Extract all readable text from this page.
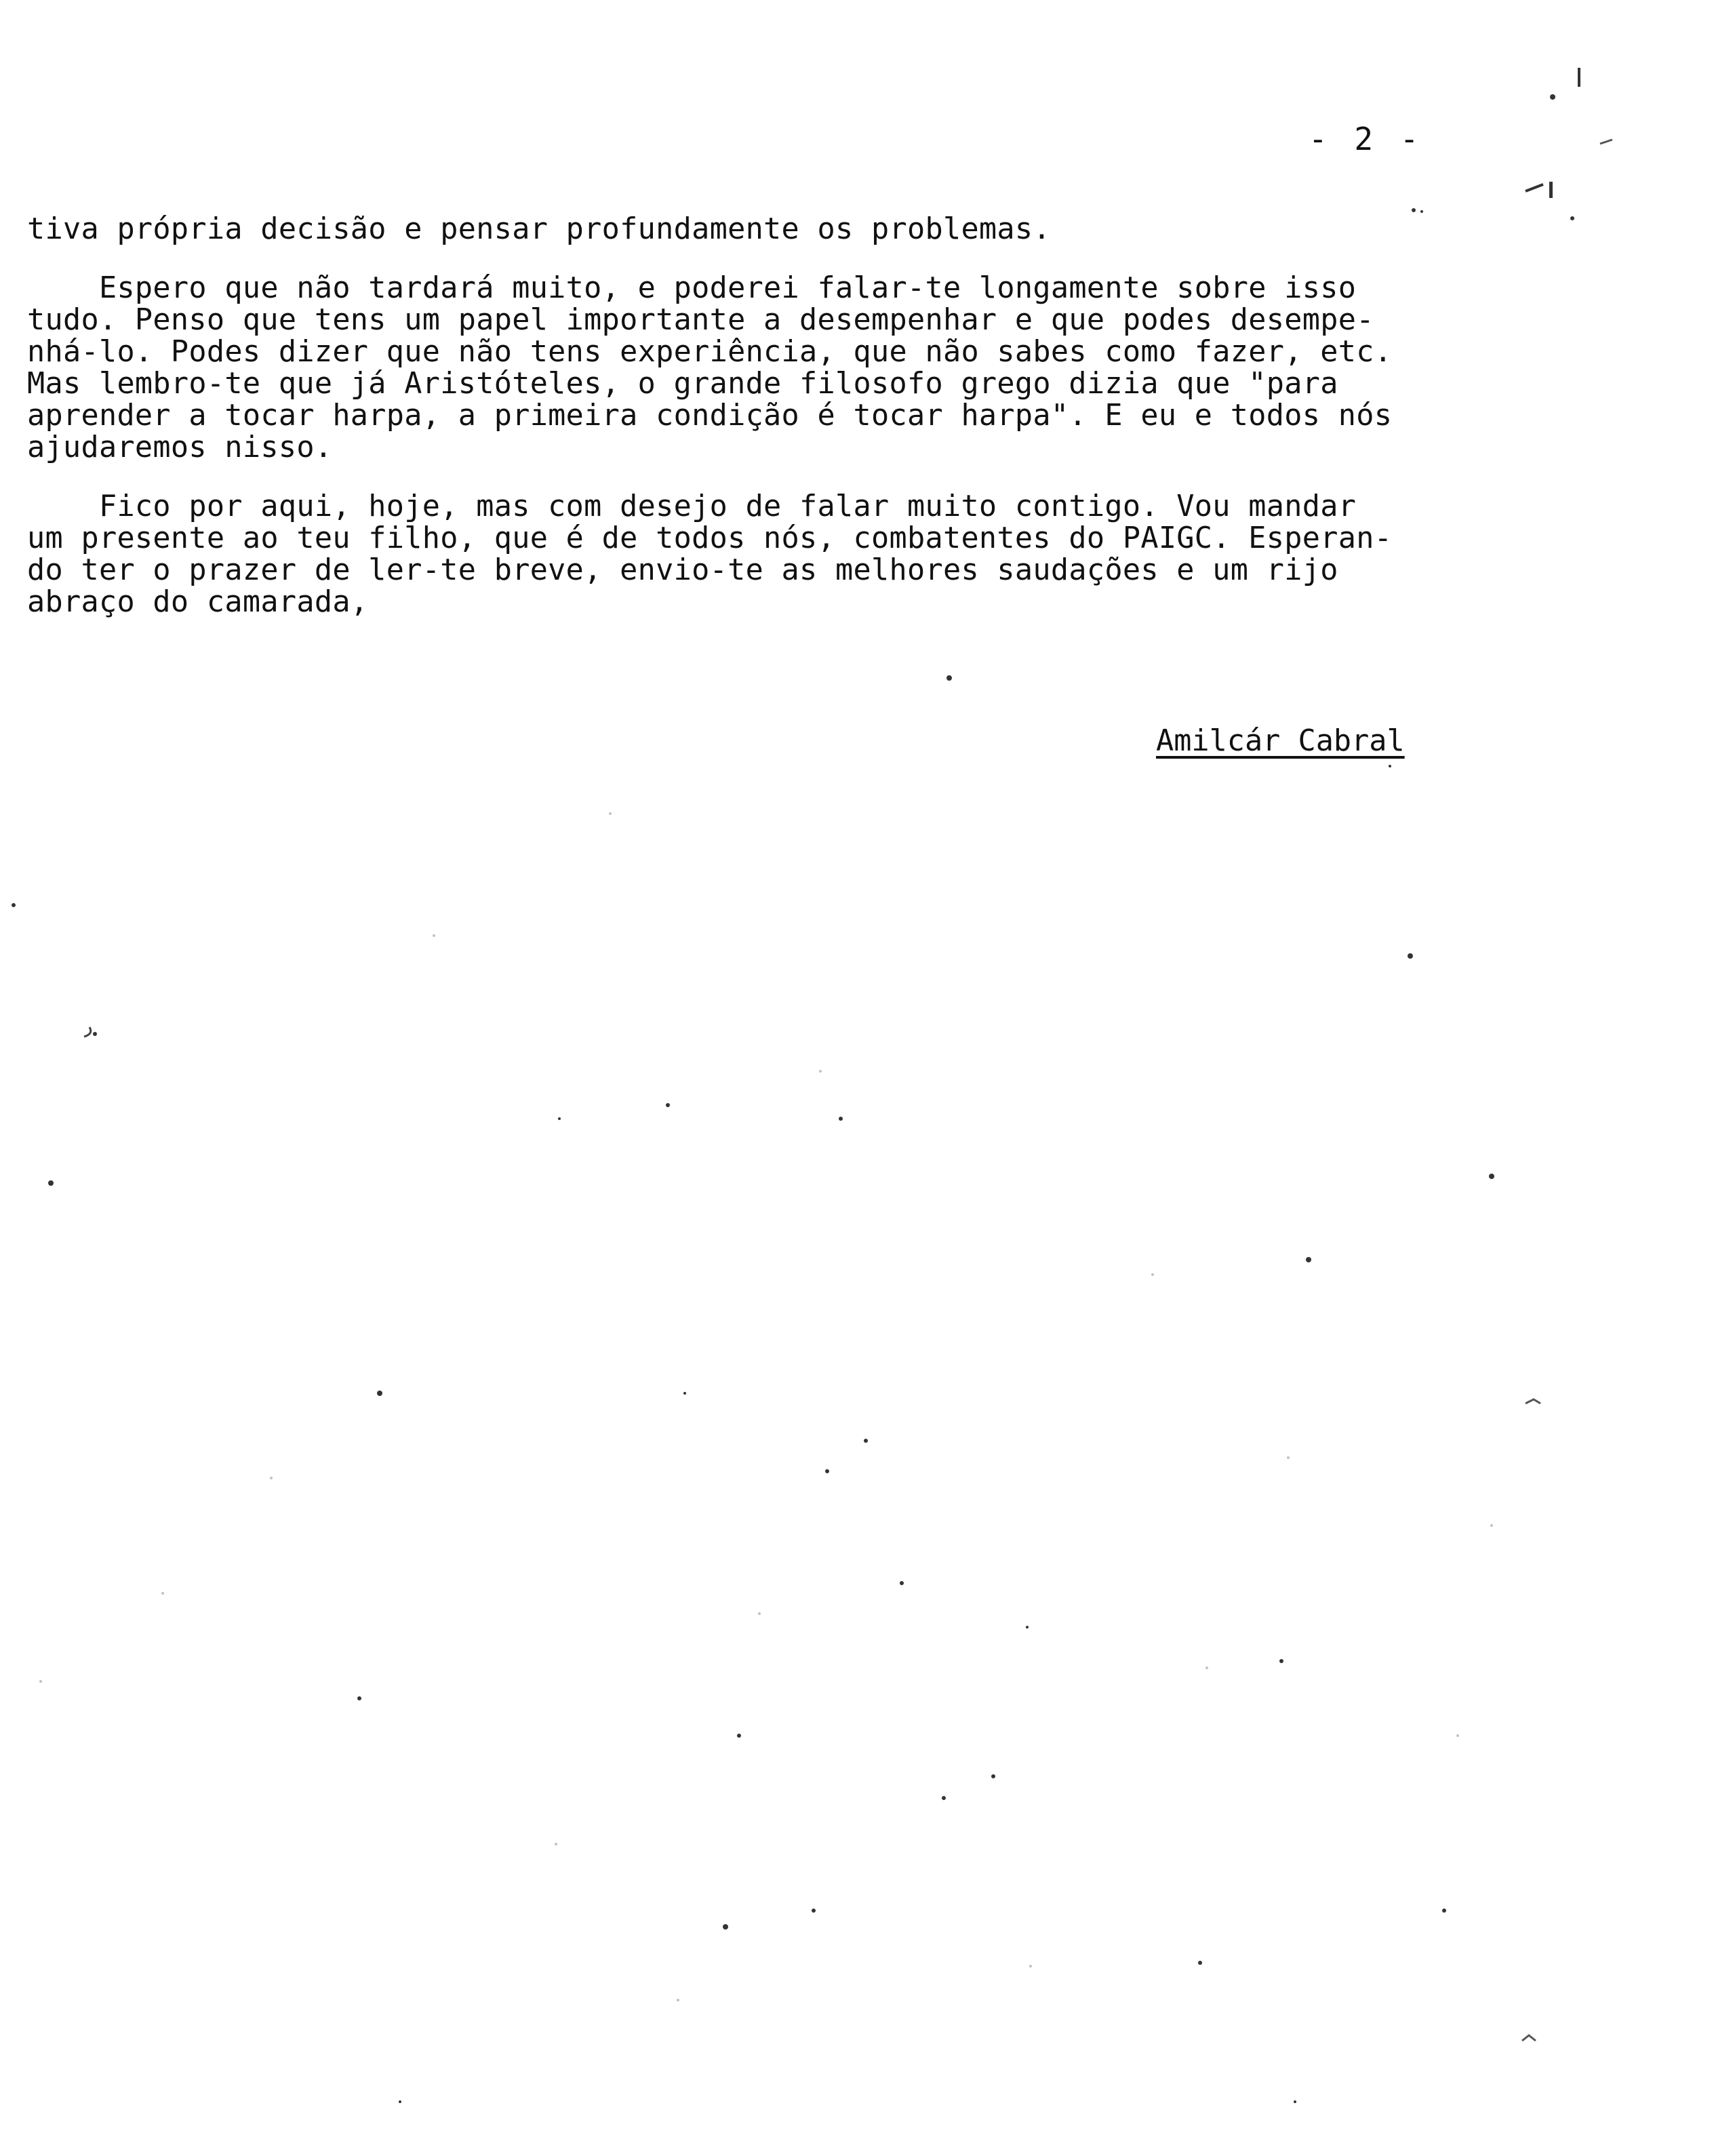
- 2 -
tiva própria decisão e pensar profundamente os problemas.
Espero que não tardará muito, e poderei falar-te longamente sobre isso
tudo. Penso que tens um papel importante a desempenhar e que podes desempe-
nhá-lo. Podes dizer que não tens experiência, que não sabes como fazer, etc.
Mas lembro-te que já Aristóteles, o grande filosofo grego dizia que "para
aprender a tocar harpa, a primeira condição é tocar harpa". E eu e todos nós
ajudaremos nisso.
Fico por aqui, hoje, mas com desejo de falar muito contigo. Vou mandar
um presente ao teu filho, que é de todos nós, combatentes do PAIGC. Esperan-
do ter o prazer de ler-te breve, envio-te as melhores saudações e um rijo
abraço do camarada,
Amilcár Cabral
